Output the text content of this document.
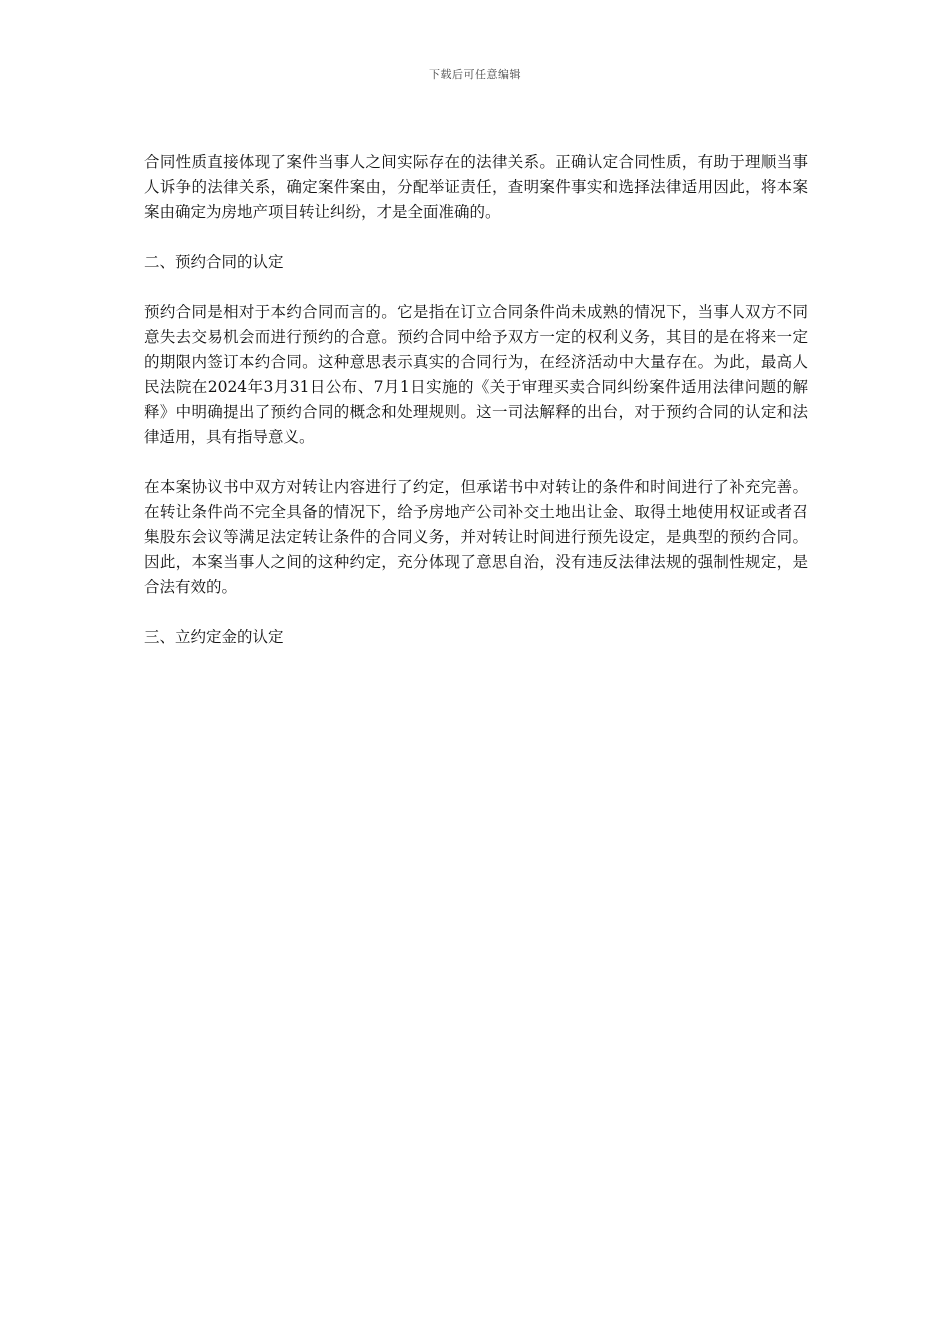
下载后可任意编辑

合同性质直接体现了案件当事人之间实际存在的法律关系。正确认定合同性质，有助于理顺当事人诉争的法律关系，确定案件案由，分配举证责任，查明案件事实和选择法律适用因此，将本案案由确定为房地产项目转让纠纷，才是全面准确的。

二、预约合同的认定

预约合同是相对于本约合同而言的。它是指在订立合同条件尚未成熟的情况下，当事人双方不同意失去交易机会而进行预约的合意。预约合同中给予双方一定的权利义务，其目的是在将来一定的期限内签订本约合同。这种意思表示真实的合同行为，在经济活动中大量存在。为此，最高人民法院在2024年3月31日公布、7月1日实施的《关于审理买卖合同纠纷案件适用法律问题的解释》中明确提出了预约合同的概念和处理规则。这一司法解释的出台，对于预约合同的认定和法律适用，具有指导意义。

在本案协议书中双方对转让内容进行了约定，但承诺书中对转让的条件和时间进行了补充完善。在转让条件尚不完全具备的情况下，给予房地产公司补交土地出让金、取得土地使用权证或者召集股东会议等满足法定转让条件的合同义务，并对转让时间进行预先设定，是典型的预约合同。因此，本案当事人之间的这种约定，充分体现了意思自治，没有违反法律法规的强制性规定，是合法有效的。

三、立约定金的认定
